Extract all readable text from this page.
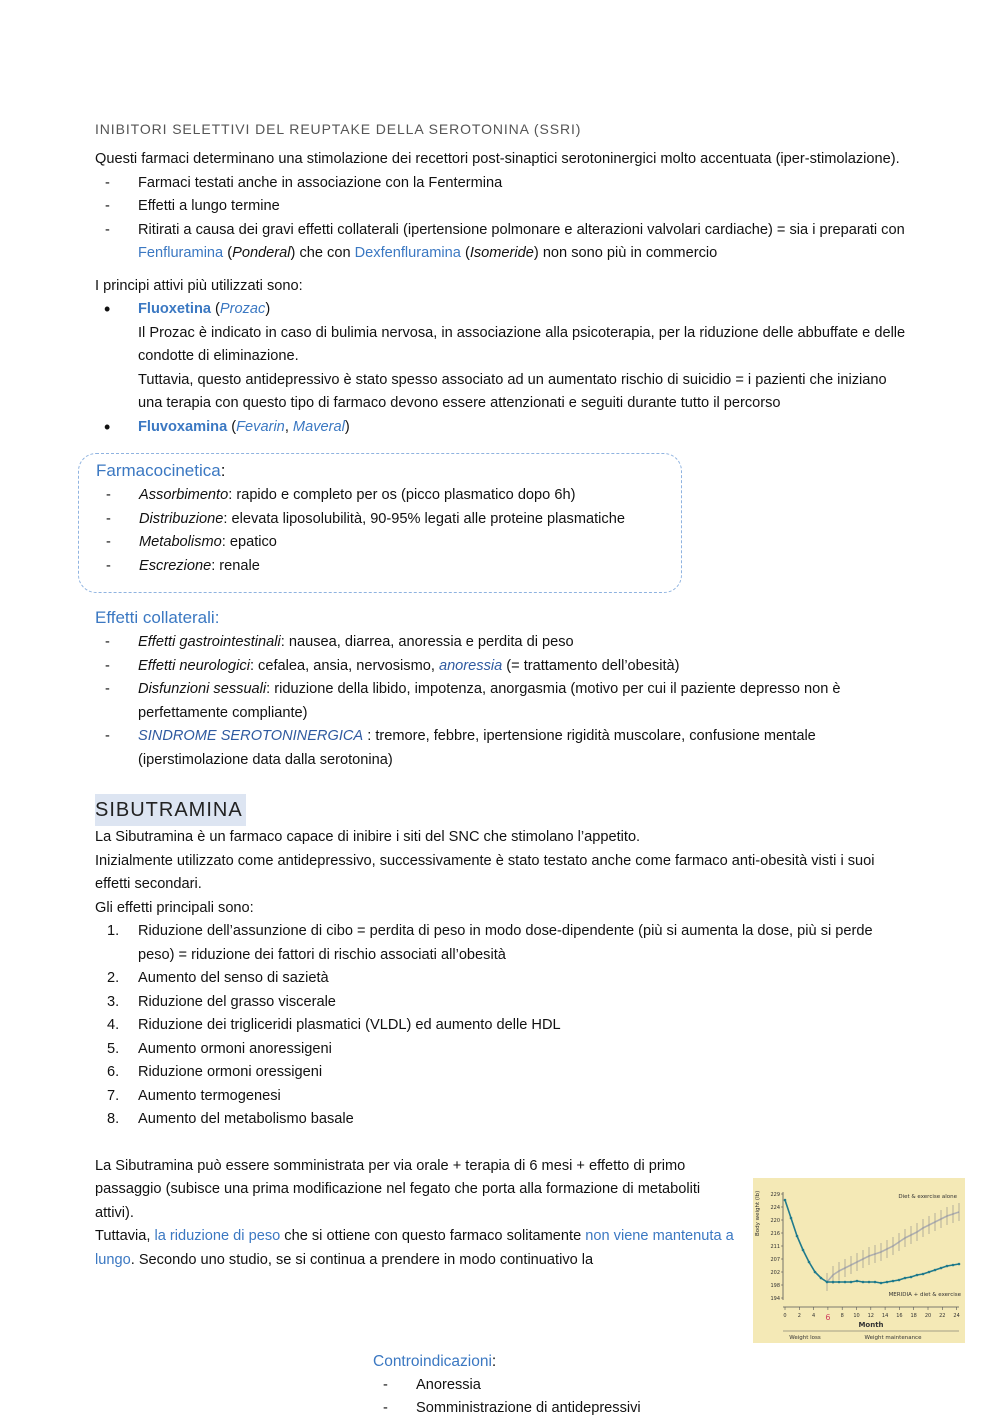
INIBITORI SELETTIVI DEL REUPTAKE DELLA SEROTONINA (SSRI)

Questi farmaci determinano una stimolazione dei recettori post-sinaptici serotoninergici molto accentuata (iper-stimolazione).

- Farmaci testati anche in associazione con la Fentermina
- Effetti a lungo termine
- Ritirati a causa dei gravi effetti collaterali (ipertensione polmonare e alterazioni valvolari cardiache) = sia i preparati con Fenfluramina (Ponderal) che con Dexfenfluramina (Isomeride) non sono più in commercio

I principi attivi più utilizzati sono:

• Fluoxetina (Prozac)
Il Prozac è indicato in caso di bulimia nervosa, in associazione alla psicoterapia, per la riduzione delle abbuffate e delle condotte di eliminazione.
Tuttavia, questo antidepressivo è stato spesso associato ad un aumentato rischio di suicidio = i pazienti che iniziano una terapia con questo tipo di farmaco devono essere attenzionati e seguiti durante tutto il percorso
• Fluvoxamina (Fevarin, Maveral)
Farmacocinetica:
- Assorbimento: rapido e completo per os (picco plasmatico dopo 6h)
- Distribuzione: elevata liposolubilità, 90-95% legati alle proteine plasmatiche
- Metabolismo: epatico
- Escrezione: renale
Effetti collaterali:
- Effetti gastrointestinali: nausea, diarrea, anoressia e perdita di peso
- Effetti neurologici: cefalea, ansia, nervosismo, anoressia (= trattamento dell’obesità)
- Disfunzioni sessuali: riduzione della libido, impotenza, anorgasmia (motivo per cui il paziente depresso non è perfettamente compliante)
- SINDROME SEROTONINERGICA : tremore, febbre, ipertensione rigidità muscolare, confusione mentale (iperstimolazione data dalla serotonina)
SIBUTRAMINA

La Sibutramina è un farmaco capace di inibire i siti del SNC che stimolano l’appetito.

Inizialmente utilizzato come antidepressivo, successivamente è stato testato anche come farmaco anti-obesità visti i suoi effetti secondari.

Gli effetti principali sono:

1. Riduzione dell’assunzione di cibo = perdita di peso in modo dose-dipendente (più si aumenta la dose, più si perde peso) = riduzione dei fattori di rischio associati all’obesità
2. Aumento del senso di sazietà
3. Riduzione del grasso viscerale
4. Riduzione dei trigliceridi plasmatici (VLDL) ed aumento delle HDL
5. Aumento ormoni anoressigeni
6. Riduzione ormoni oressigeni
7. Aumento termogenesi
8. Aumento del metabolismo basale

La Sibutramina può essere somministrata per via orale + terapia di 6 mesi + effetto di primo passaggio (subisce una prima modificazione nel fegato che porta alla formazione di metaboliti attivi).

Tuttavia, la riduzione di peso che si ottiene con questo farmaco solitamente non viene mantenuta a lungo. Secondo uno studio, se si continua a prendere in modo continuativo la

Body weight (lb) 229
224
220
216
211
207
202
198
194
0 2 4 6 8 10 12 14 16 18 20 22 24
Month
Weight loss	Weight maintenance
Diet & exercise alone
MERIDIA + diet & exercise
Controindicazioni:
- Anoressia
- Somministrazione di antidepressivi
